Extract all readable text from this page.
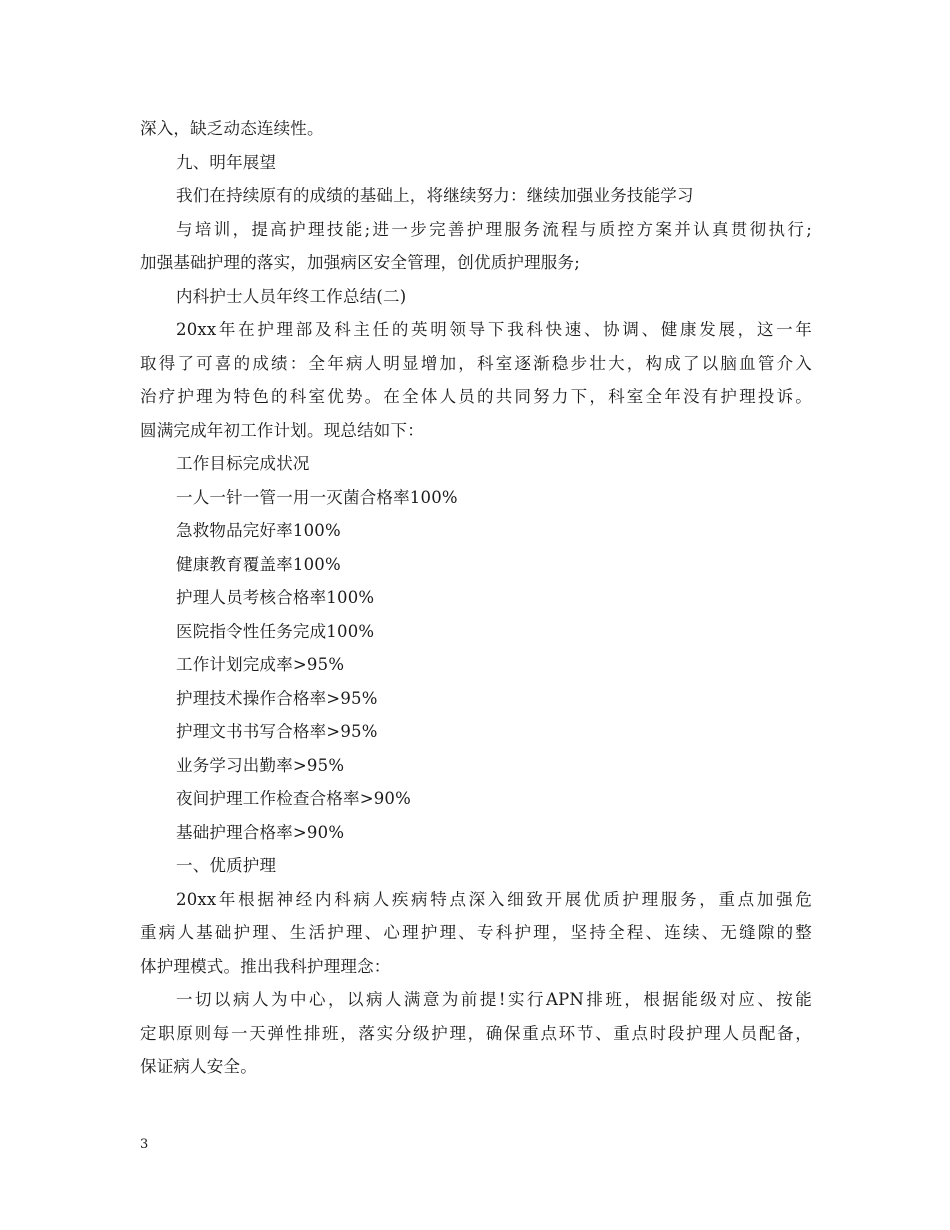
深入，缺乏动态连续性。
九、明年展望
我们在持续原有的成绩的基础上，将继续努力：继续加强业务技能学习
与培训，提高护理技能;进一步完善护理服务流程与质控方案并认真贯彻执行;
加强基础护理的落实，加强病区安全管理，创优质护理服务;
内科护士人员年终工作总结(二)
20xx年在护理部及科主任的英明领导下我科快速、协调、健康发展，这一年
取得了可喜的成绩：全年病人明显增加，科室逐渐稳步壮大，构成了以脑血管介入
治疗护理为特色的科室优势。在全体人员的共同努力下，科室全年没有护理投诉。
圆满完成年初工作计划。现总结如下：
工作目标完成状况
一人一针一管一用一灭菌合格率100%
急救物品完好率100%
健康教育覆盖率100%
护理人员考核合格率100%
医院指令性任务完成100%
工作计划完成率>95%
护理技术操作合格率>95%
护理文书书写合格率>95%
业务学习出勤率>95%
夜间护理工作检查合格率>90%
基础护理合格率>90%
一、优质护理
20xx年根据神经内科病人疾病特点深入细致开展优质护理服务，重点加强危
重病人基础护理、生活护理、心理护理、专科护理，坚持全程、连续、无缝隙的整
体护理模式。推出我科护理理念：
一切以病人为中心，以病人满意为前提!实行APN排班，根据能级对应、按能
定职原则每一天弹性排班，落实分级护理，确保重点环节、重点时段护理人员配备，
保证病人安全。
3
